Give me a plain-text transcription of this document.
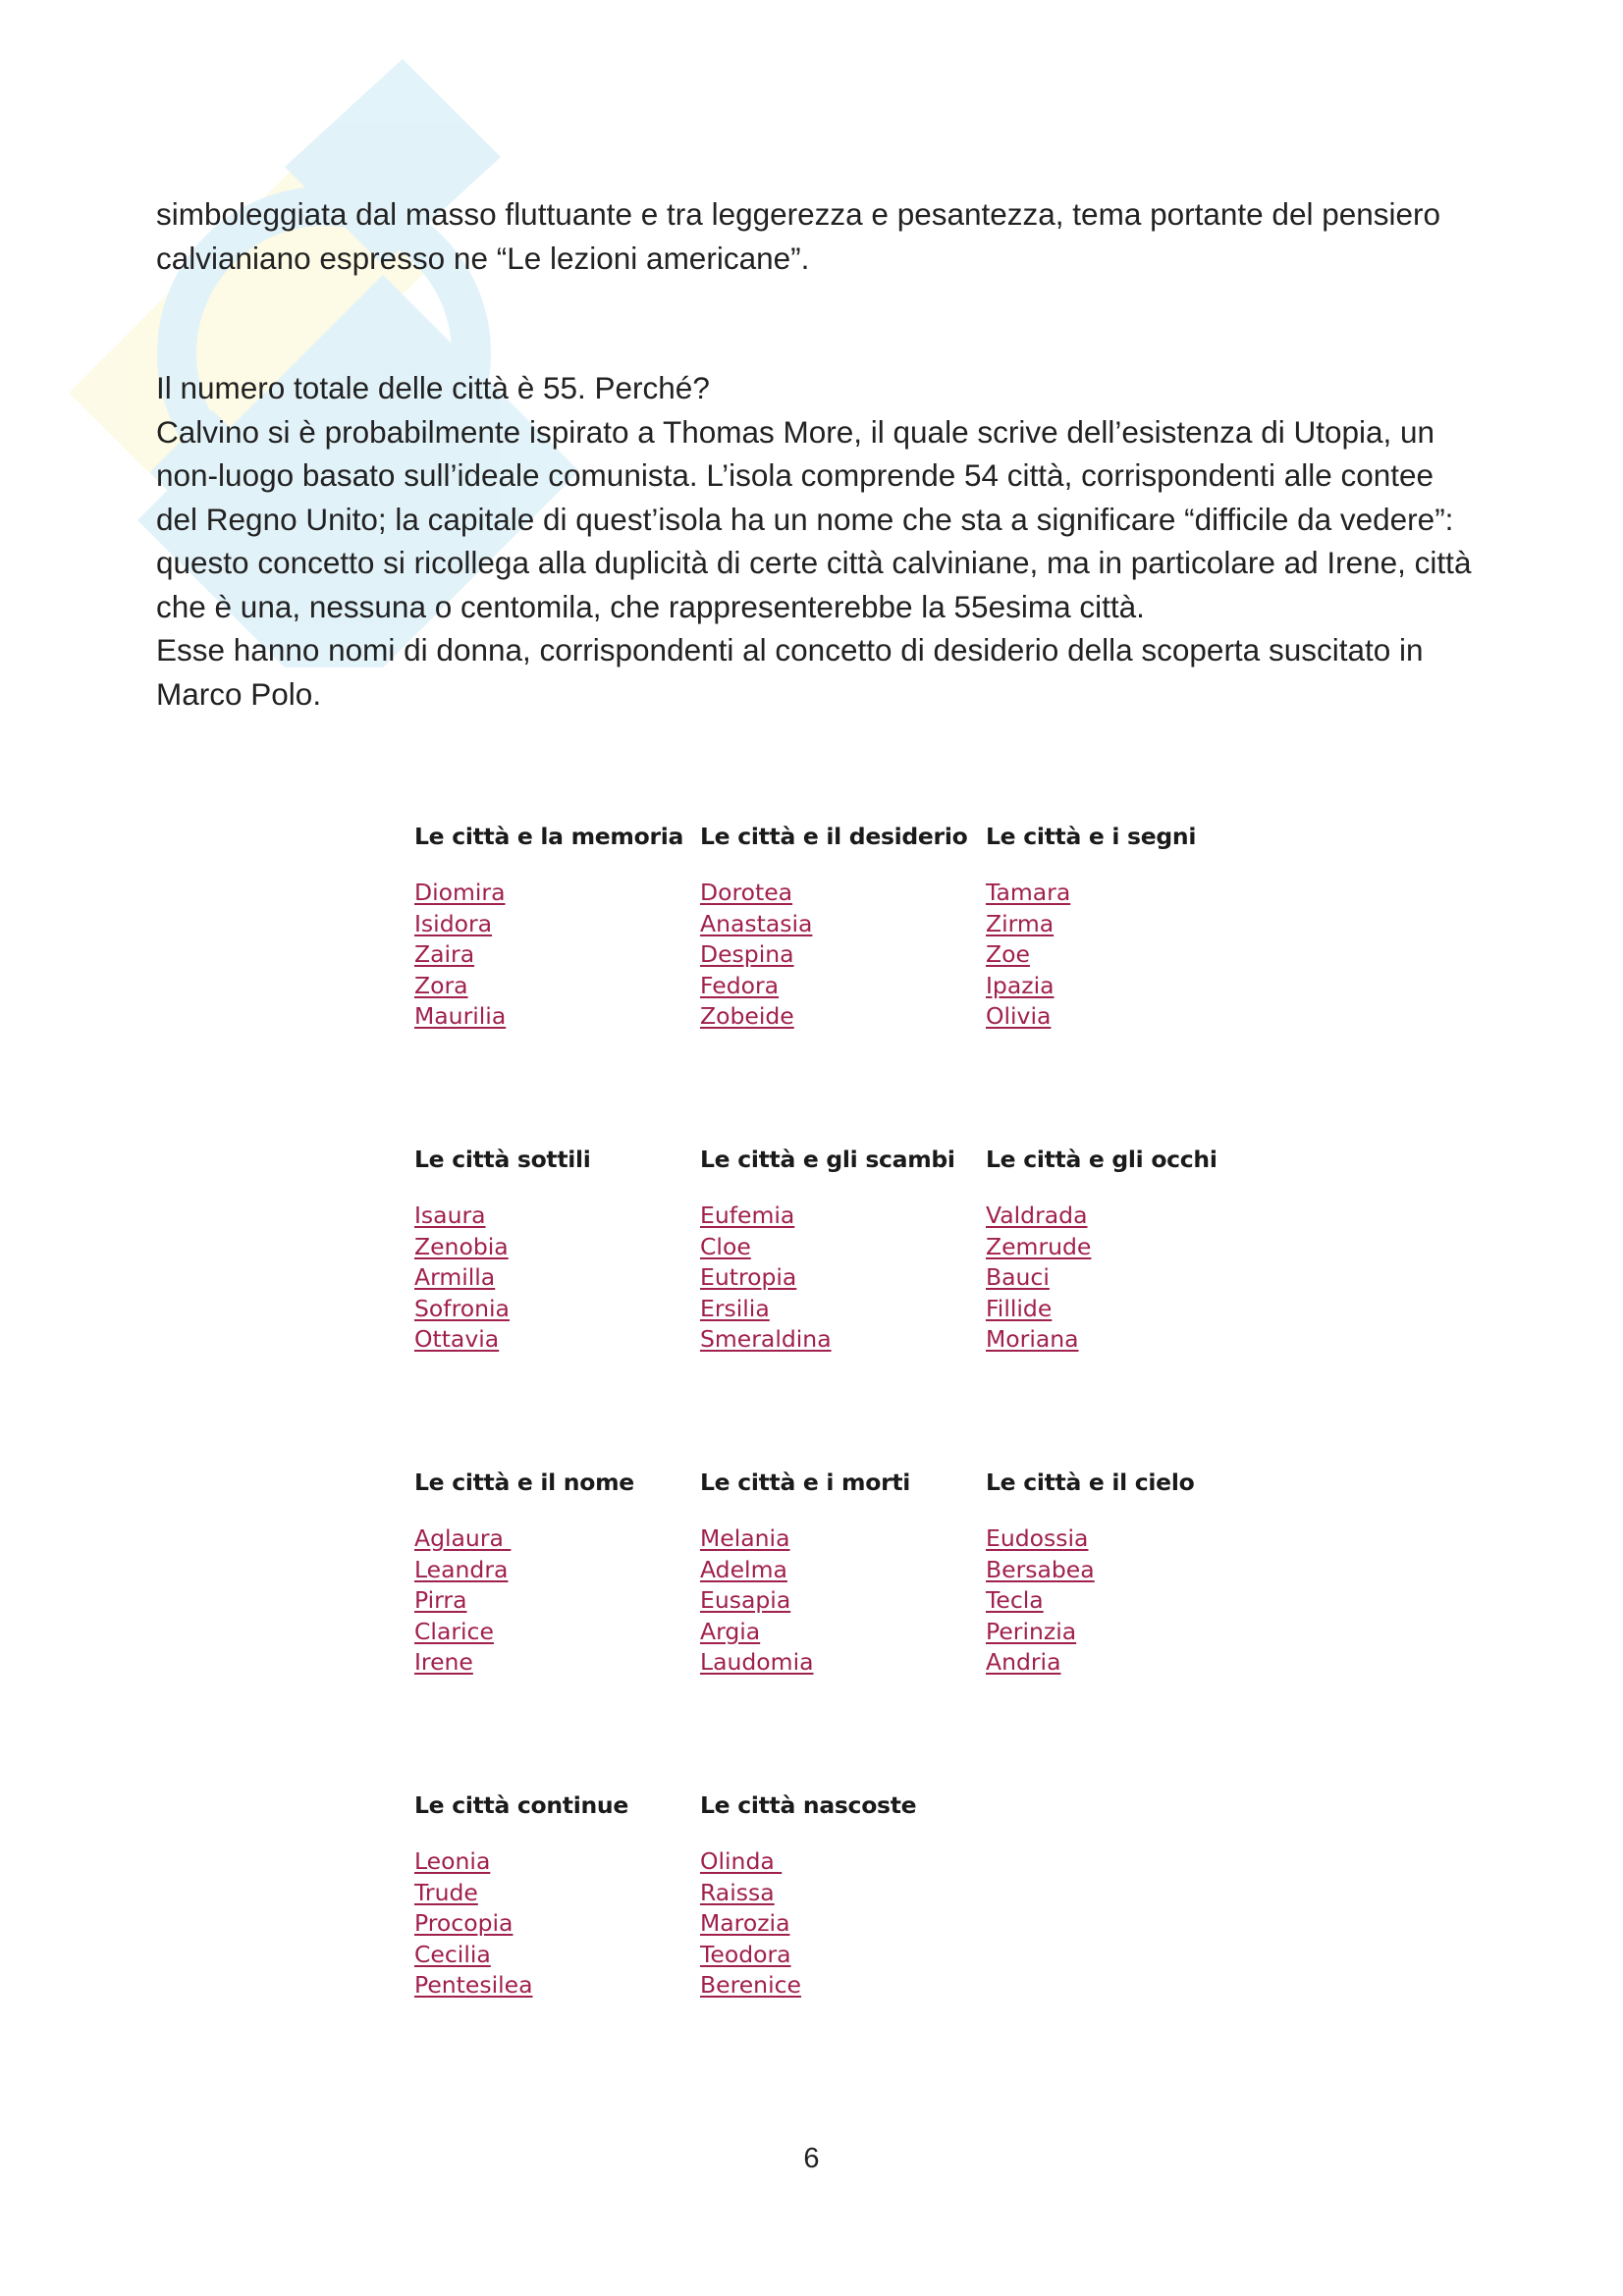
simboleggiata dal masso fluttuante e tra leggerezza e pesantezza, tema portante del pensiero calvianiano espresso ne “Le lezioni americane”.

Il numero totale delle città è 55. Perché?

Calvino si è probabilmente ispirato a Thomas More, il quale scrive dell’esistenza di Utopia, un non-luogo basato sull’ideale comunista. L’isola comprende 54 città, corrispondenti alle contee del Regno Unito; la capitale di quest’isola ha un nome che sta a significare “difficile da vedere”: questo concetto si ricollega alla duplicità di certe città calviniane, ma in particolare ad Irene, città che è una, nessuna o centomila, che rappresenterebbe la 55esima città.

Esse hanno nomi di donna, corrispondenti al concetto di desiderio della scoperta suscitato in Marco Polo.

Le città e la memoria
Diomira
Isidora
Zaira
Zora
Maurilia
Le città e il desiderio
Dorotea
Anastasia
Despina
Fedora
Zobeide
Le città e i segni
Tamara
Zirma
Zoe
Ipazia
Olivia
Le città sottili
Isaura
Zenobia
Armilla
Sofronia
Ottavia
Le città e gli scambi
Eufemia
Cloe
Eutropia
Ersilia
Smeraldina
Le città e gli occhi
Valdrada
Zemrude
Bauci
Fillide
Moriana
Le città e il nome
Aglaura
Leandra
Pirra
Clarice
Irene
Le città e i morti
Melania
Adelma
Eusapia
Argia
Laudomia
Le città e il cielo
Eudossia
Bersabea
Tecla
Perinzia
Andria
Le città continue
Leonia
Trude
Procopia
Cecilia
Pentesilea
Le città nascoste
Olinda
Raissa
Marozia
Teodora
Berenice
6
